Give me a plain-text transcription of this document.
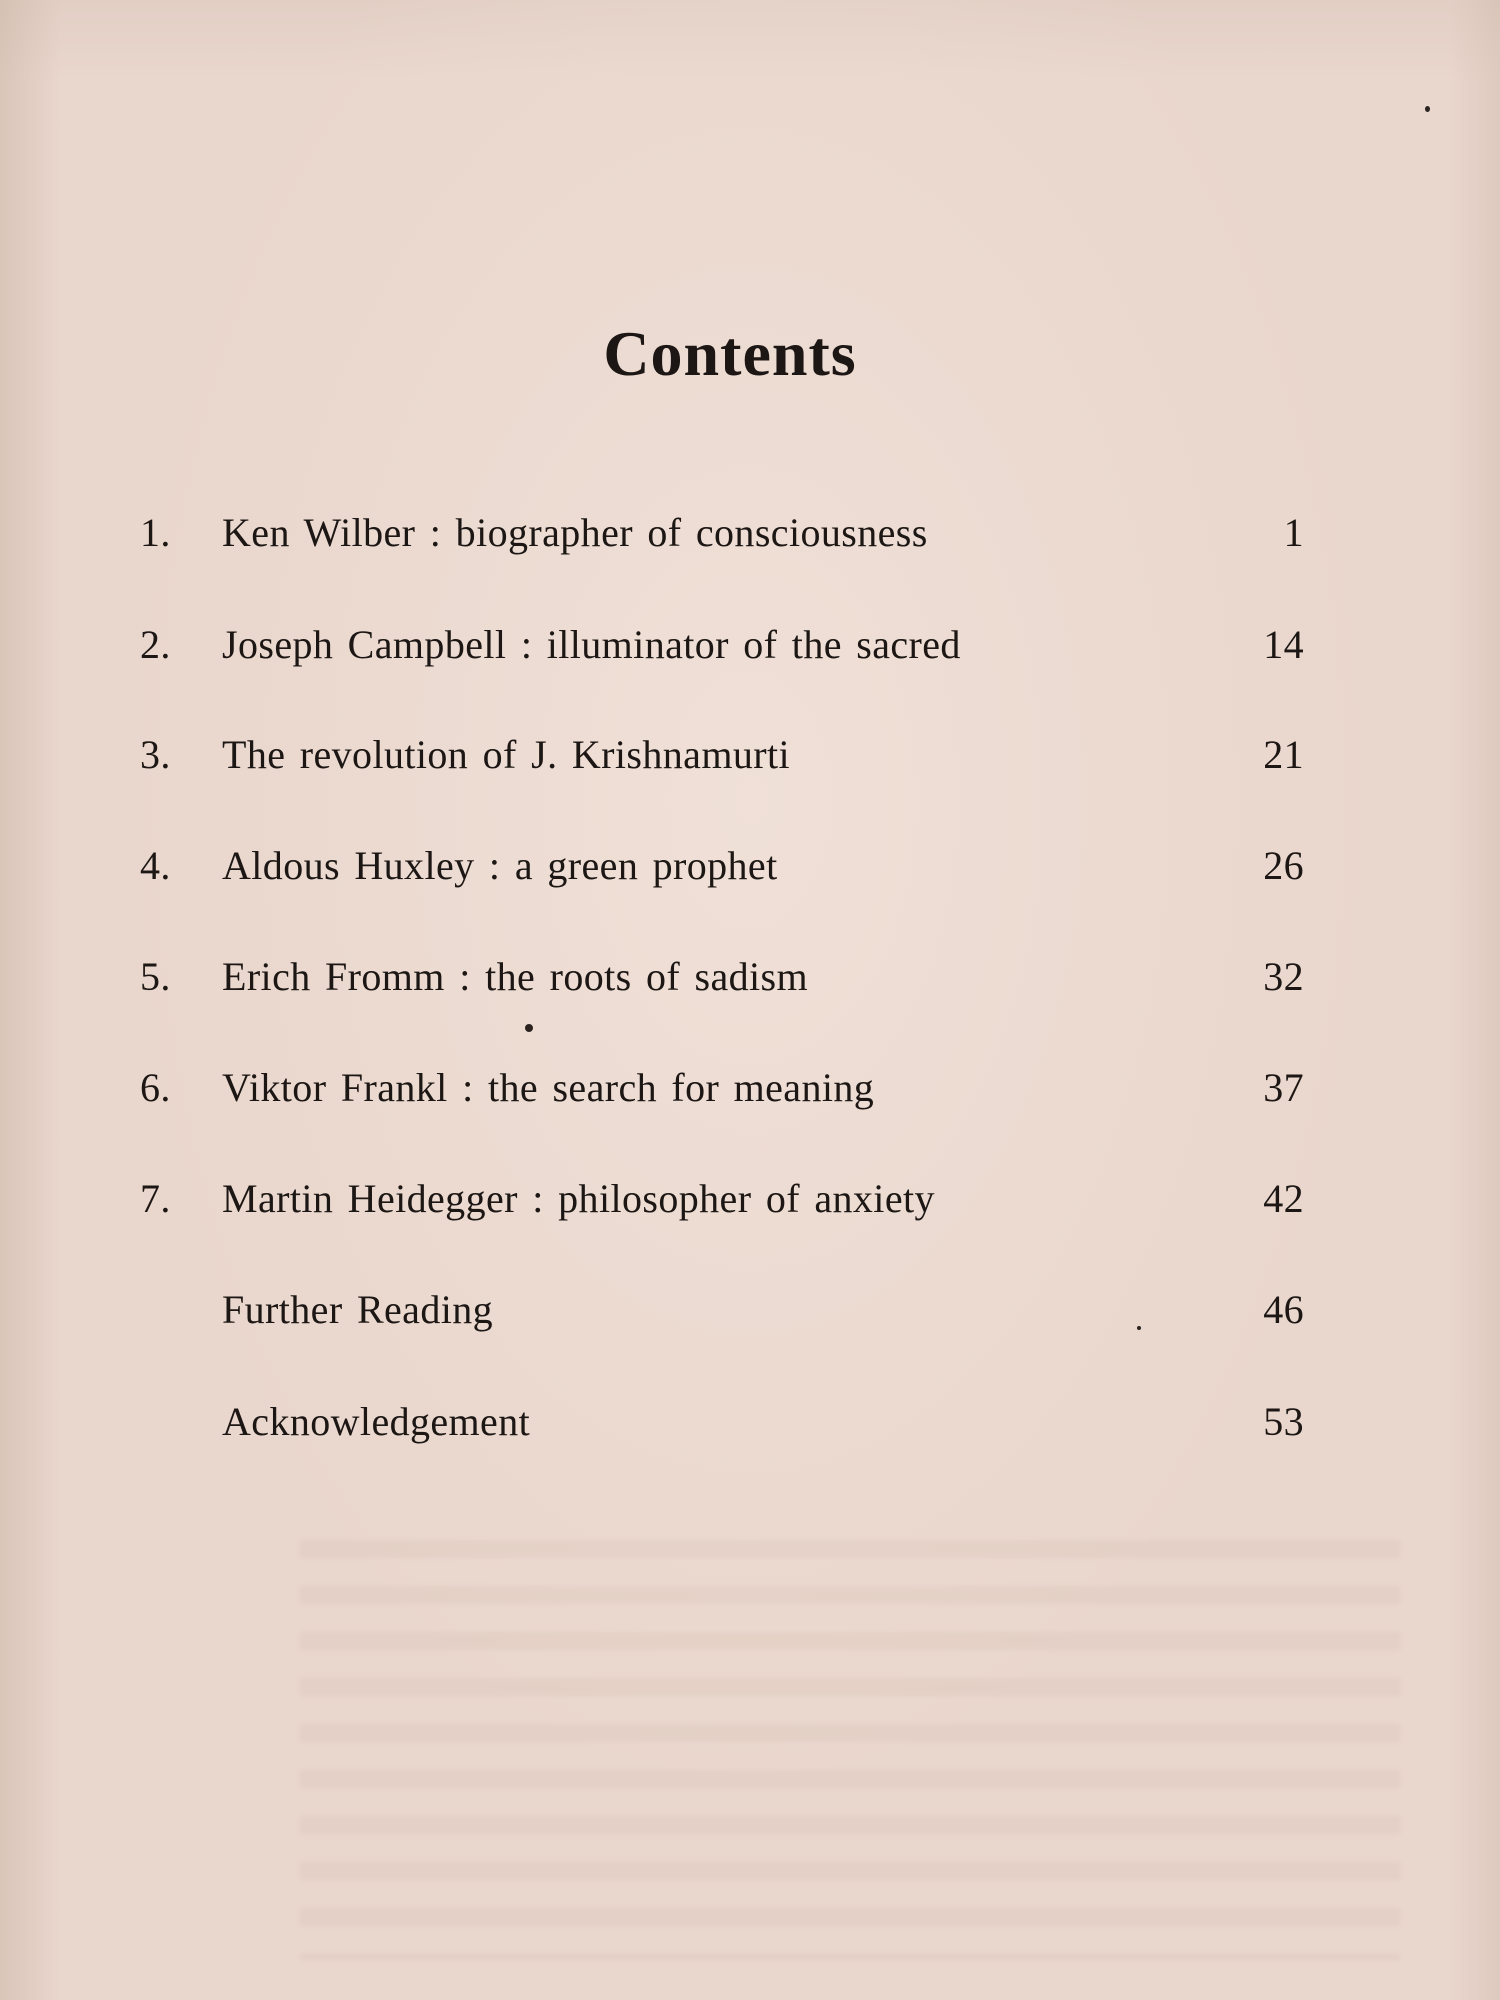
Contents
1. Ken Wilber : biographer of consciousness	1
2. Joseph Campbell : illuminator of the sacred	14
3. The revolution of J. Krishnamurti	21
4. Aldous Huxley : a green prophet	26
5. Erich Fromm : the roots of sadism	32
6. Viktor Frankl : the search for meaning	37
7. Martin Heidegger : philosopher of anxiety	42
Further Reading	46
Acknowledgement	53
